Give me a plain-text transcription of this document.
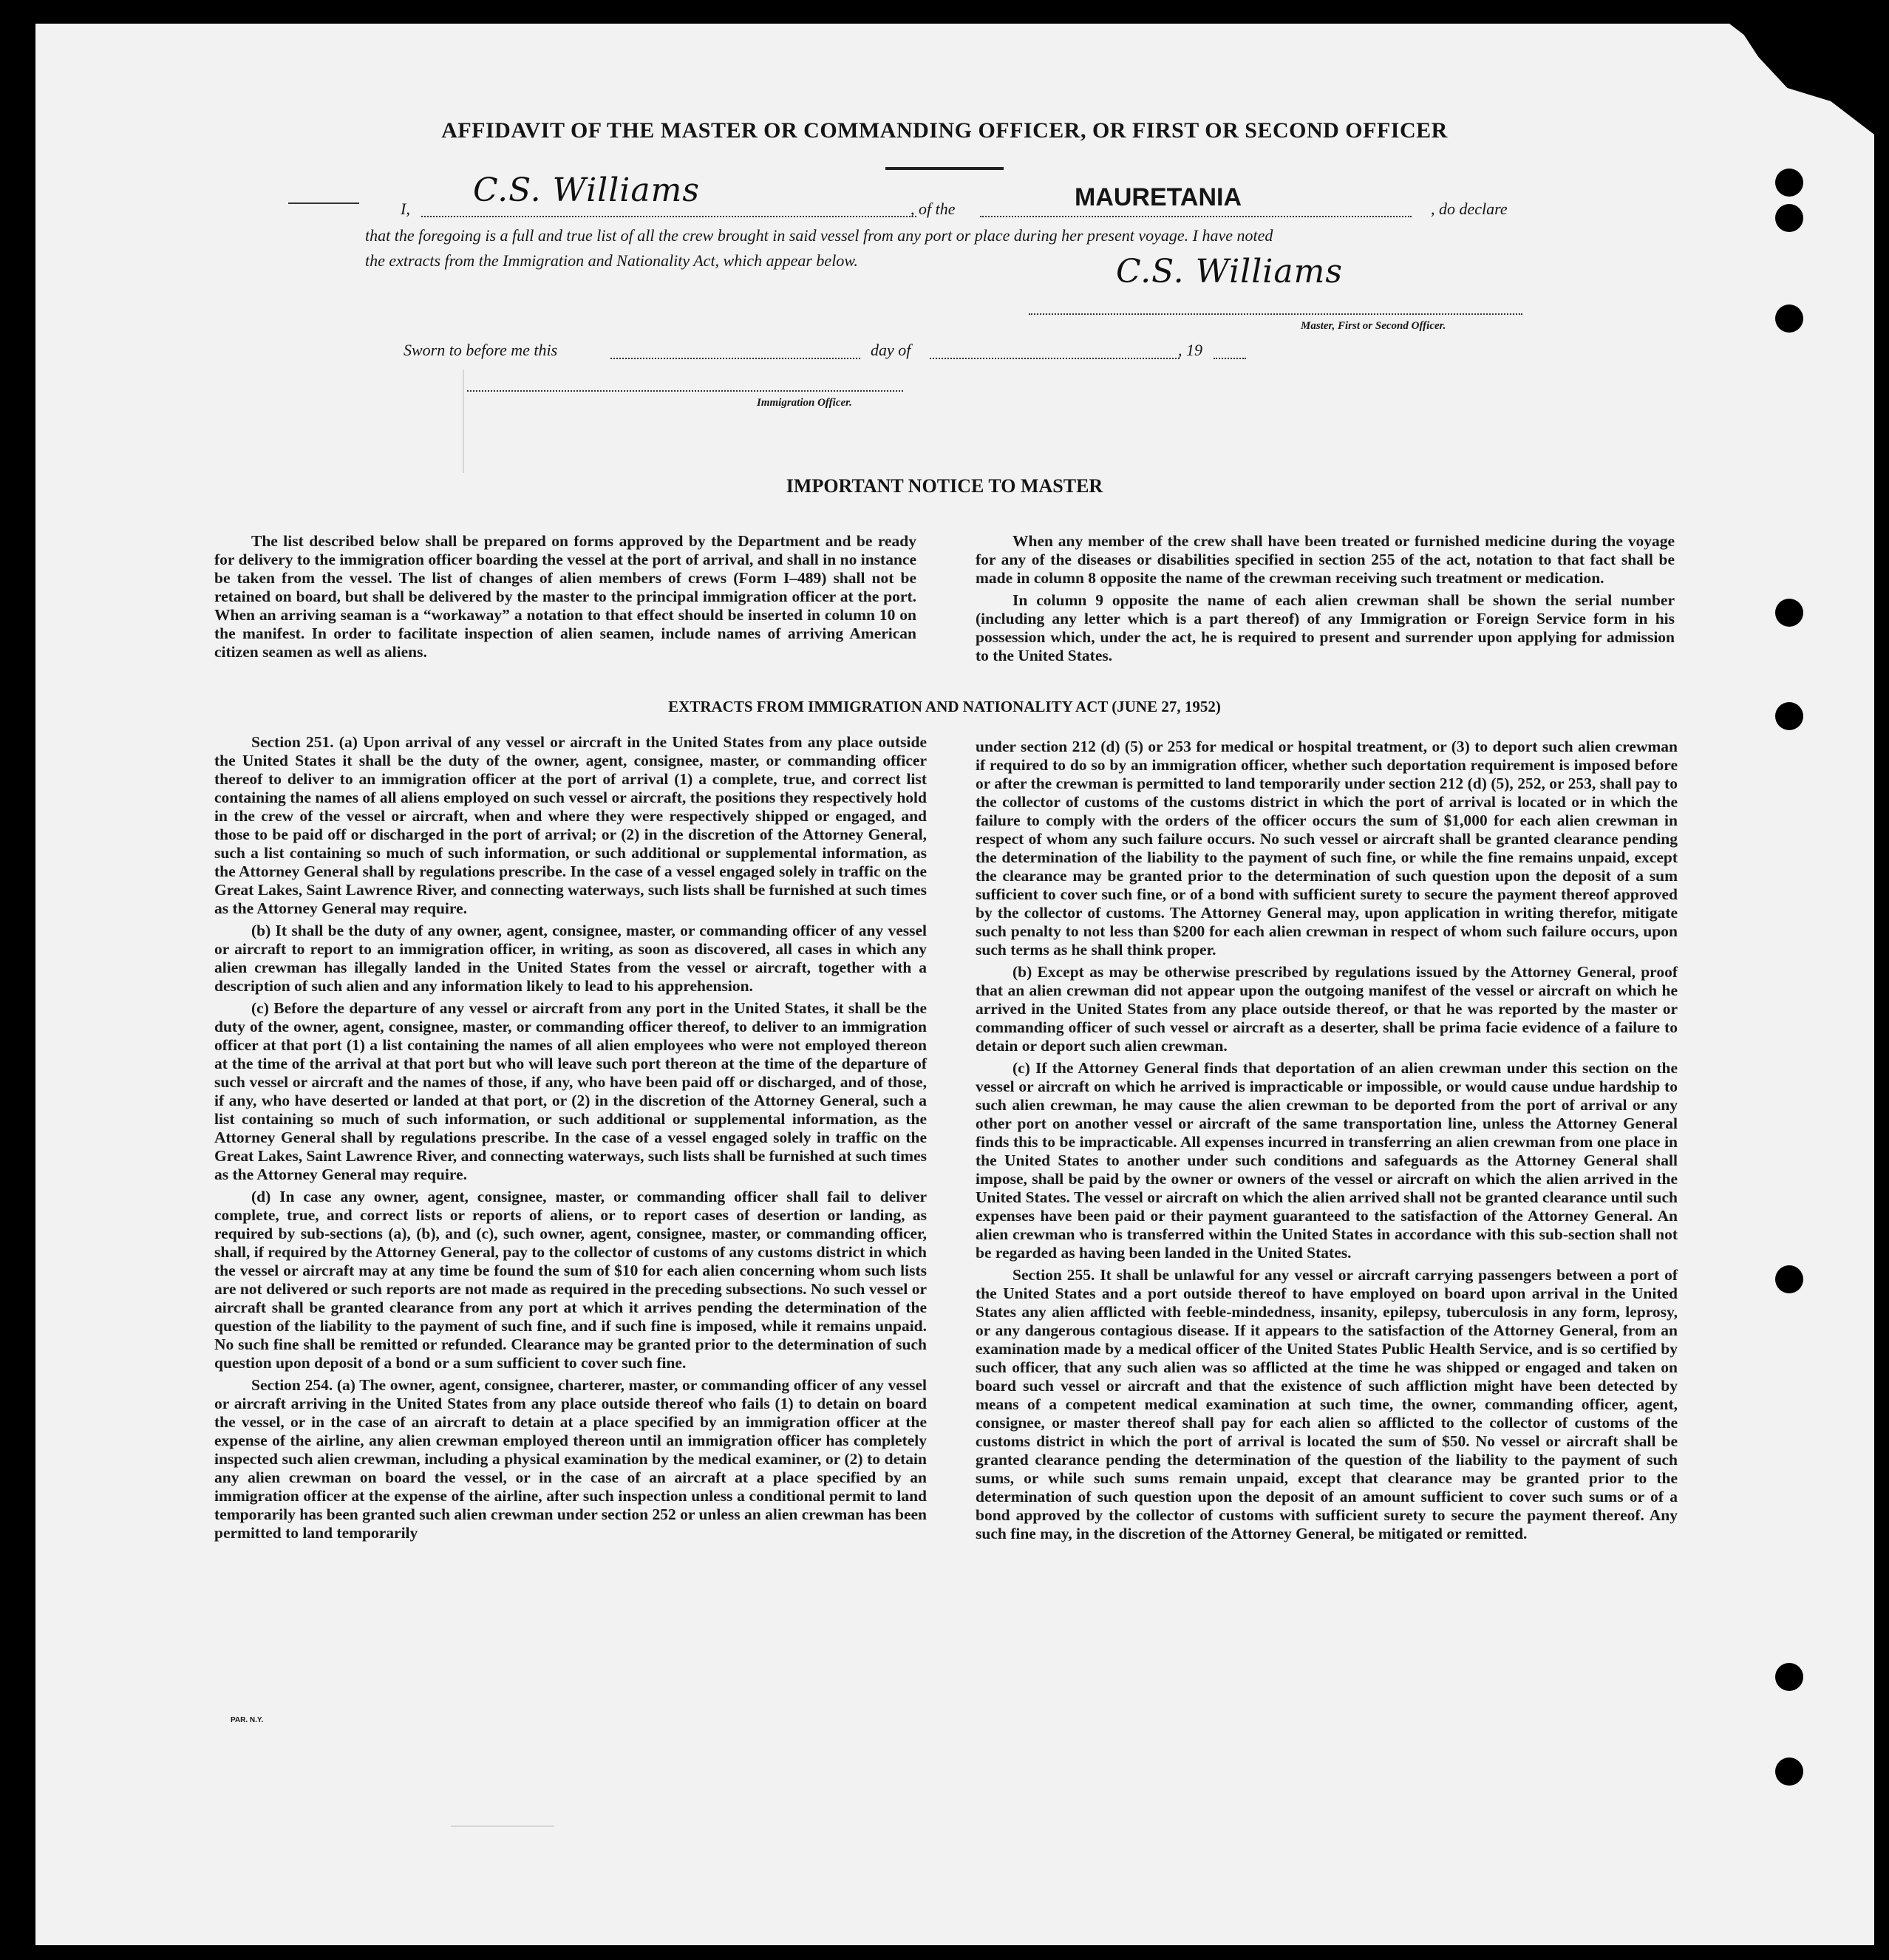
AFFIDAVIT OF THE MASTER OR COMMANDING OFFICER, OR FIRST OR SECOND OFFICER
I, C.S. Williams	, of the	MAURETANIA	, do declare
that the foregoing is a full and true list of all the crew brought in said vessel from any port or place during her present voyage. I have noted
the extracts from the Immigration and Nationality Act, which appear below.	C.S. Williams
Master, First or Second Officer.
Sworn to before me this	day of	, 19
Immigration Officer.
IMPORTANT NOTICE TO MASTER

The list described below shall be prepared on forms approved by the Department and be ready for delivery to the immigration officer boarding the vessel at the port of arrival, and shall in no instance be taken from the vessel. The list of changes of alien members of crews (Form I–489) shall not be retained on board, but shall be delivered by the master to the principal immigration officer at the port. When an arriving seaman is a “workaway” a notation to that effect should be inserted in column 10 on the manifest. In order to facilitate inspection of alien seamen, include names of arriving American citizen seamen as well as aliens.

When any member of the crew shall have been treated or furnished medicine during the voyage for any of the diseases or disabilities specified in section 255 of the act, notation to that fact shall be made in column 8 opposite the name of the crewman receiving such treatment or medication.

In column 9 opposite the name of each alien crewman shall be shown the serial number (including any letter which is a part thereof) of any Immigration or Foreign Service form in his possession which, under the act, he is required to present and surrender upon applying for admission to the United States.

EXTRACTS FROM IMMIGRATION AND NATIONALITY ACT (JUNE 27, 1952)

Section 251. (a) Upon arrival of any vessel or aircraft in the United States from any place outside the United States it shall be the duty of the owner, agent, consignee, master, or commanding officer thereof to deliver to an immigration officer at the port of arrival (1) a complete, true, and correct list containing the names of all aliens employed on such vessel or aircraft, the positions they respectively hold in the crew of the vessel or aircraft, when and where they were respectively shipped or engaged, and those to be paid off or discharged in the port of arrival; or (2) in the discretion of the Attorney General, such a list containing so much of such information, or such additional or supplemental information, as the Attorney General shall by regulations prescribe. In the case of a vessel engaged solely in traffic on the Great Lakes, Saint Lawrence River, and connecting waterways, such lists shall be furnished at such times as the Attorney General may require.

(b) It shall be the duty of any owner, agent, consignee, master, or commanding officer of any vessel or aircraft to report to an immigration officer, in writing, as soon as discovered, all cases in which any alien crewman has illegally landed in the United States from the vessel or aircraft, together with a description of such alien and any information likely to lead to his apprehension.

(c) Before the departure of any vessel or aircraft from any port in the United States, it shall be the duty of the owner, agent, consignee, master, or commanding officer thereof, to deliver to an immigration officer at that port (1) a list containing the names of all alien employees who were not employed thereon at the time of the arrival at that port but who will leave such port thereon at the time of the departure of such vessel or aircraft and the names of those, if any, who have been paid off or discharged, and of those, if any, who have deserted or landed at that port, or (2) in the discretion of the Attorney General, such a list containing so much of such information, or such additional or supplemental information, as the Attorney General shall by regulations prescribe. In the case of a vessel engaged solely in traffic on the Great Lakes, Saint Lawrence River, and connecting waterways, such lists shall be furnished at such times as the Attorney General may require.

(d) In case any owner, agent, consignee, master, or commanding officer shall fail to deliver complete, true, and correct lists or reports of aliens, or to report cases of desertion or landing, as required by sub-sections (a), (b), and (c), such owner, agent, consignee, master, or commanding officer, shall, if required by the Attorney General, pay to the collector of customs of any customs district in which the vessel or aircraft may at any time be found the sum of $10 for each alien concerning whom such lists are not delivered or such reports are not made as required in the preceding subsections. No such vessel or aircraft shall be granted clearance from any port at which it arrives pending the determination of the question of the liability to the payment of such fine, and if such fine is imposed, while it remains unpaid. No such fine shall be remitted or refunded. Clearance may be granted prior to the determination of such question upon deposit of a bond or a sum sufficient to cover such fine.

Section 254. (a) The owner, agent, consignee, charterer, master, or commanding officer of any vessel or aircraft arriving in the United States from any place outside thereof who fails (1) to detain on board the vessel, or in the case of an aircraft to detain at a place specified by an immigration officer at the expense of the airline, any alien crewman employed thereon until an immigration officer has completely inspected such alien crewman, including a physical examination by the medical examiner, or (2) to detain any alien crewman on board the vessel, or in the case of an aircraft at a place specified by an immigration officer at the expense of the airline, after such inspection unless a conditional permit to land temporarily has been granted such alien crewman under section 252 or unless an alien crewman has been permitted to land temporarily

under section 212 (d) (5) or 253 for medical or hospital treatment, or (3) to deport such alien crewman if required to do so by an immigration officer, whether such deportation requirement is imposed before or after the crewman is permitted to land temporarily under section 212 (d) (5), 252, or 253, shall pay to the collector of customs of the customs district in which the port of arrival is located or in which the failure to comply with the orders of the officer occurs the sum of $1,000 for each alien crewman in respect of whom any such failure occurs. No such vessel or aircraft shall be granted clearance pending the determination of the liability to the payment of such fine, or while the fine remains unpaid, except the clearance may be granted prior to the determination of such question upon the deposit of a sum sufficient to cover such fine, or of a bond with sufficient surety to secure the payment thereof approved by the collector of customs. The Attorney General may, upon application in writing therefor, mitigate such penalty to not less than $200 for each alien crewman in respect of whom such failure occurs, upon such terms as he shall think proper.

(b) Except as may be otherwise prescribed by regulations issued by the Attorney General, proof that an alien crewman did not appear upon the outgoing manifest of the vessel or aircraft on which he arrived in the United States from any place outside thereof, or that he was reported by the master or commanding officer of such vessel or aircraft as a deserter, shall be prima facie evidence of a failure to detain or deport such alien crewman.

(c) If the Attorney General finds that deportation of an alien crewman under this section on the vessel or aircraft on which he arrived is impracticable or impossible, or would cause undue hardship to such alien crewman, he may cause the alien crewman to be deported from the port of arrival or any other port on another vessel or aircraft of the same transportation line, unless the Attorney General finds this to be impracticable. All expenses incurred in transferring an alien crewman from one place in the United States to another under such conditions and safeguards as the Attorney General shall impose, shall be paid by the owner or owners of the vessel or aircraft on which the alien arrived in the United States. The vessel or aircraft on which the alien arrived shall not be granted clearance until such expenses have been paid or their payment guaranteed to the satisfaction of the Attorney General. An alien crewman who is transferred within the United States in accordance with this sub-section shall not be regarded as having been landed in the United States.

Section 255. It shall be unlawful for any vessel or aircraft carrying passengers between a port of the United States and a port outside thereof to have employed on board upon arrival in the United States any alien afflicted with feeble-mindedness, insanity, epilepsy, tuberculosis in any form, leprosy, or any dangerous contagious disease. If it appears to the satisfaction of the Attorney General, from an examination made by a medical officer of the United States Public Health Service, and is so certified by such officer, that any such alien was so afflicted at the time he was shipped or engaged and taken on board such vessel or aircraft and that the existence of such affliction might have been detected by means of a competent medical examination at such time, the owner, commanding officer, agent, consignee, or master thereof shall pay for each alien so afflicted to the collector of customs of the customs district in which the port of arrival is located the sum of $50. No vessel or aircraft shall be granted clearance pending the determination of the question of the liability to the payment of such sums, or while such sums remain unpaid, except that clearance may be granted prior to the determination of such question upon the deposit of an amount sufficient to cover such sums or of a bond approved by the collector of customs with sufficient surety to secure the payment thereof. Any such fine may, in the discretion of the Attorney General, be mitigated or remitted.

PAR. N.Y.
